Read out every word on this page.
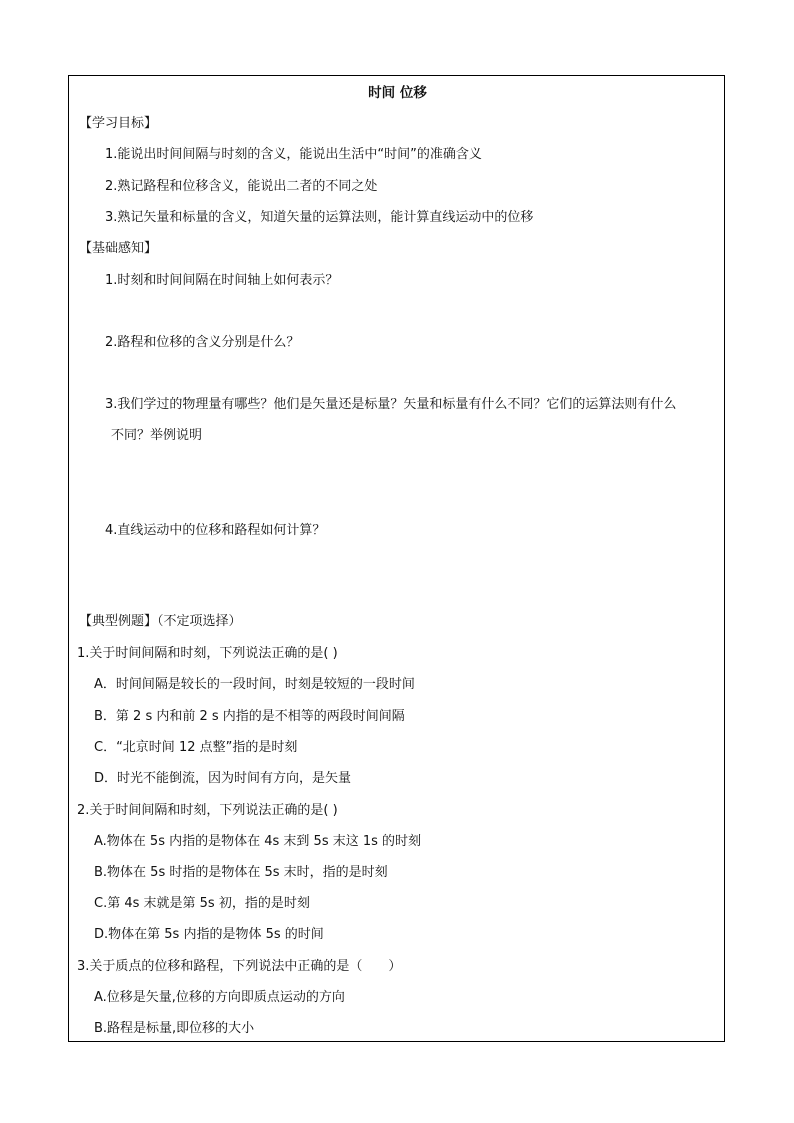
时间 位移
【学习目标】
1.能说出时间间隔与时刻的含义，能说出生活中“时间”的准确含义
2.熟记路程和位移含义，能说出二者的不同之处
3.熟记矢量和标量的含义，知道矢量的运算法则，能计算直线运动中的位移
【基础感知】
1.时刻和时间间隔在时间轴上如何表示？
2.路程和位移的含义分别是什么？
3.我们学过的物理量有哪些？他们是矢量还是标量？矢量和标量有什么不同？它们的运算法则有什么
不同？举例说明
4.直线运动中的位移和路程如何计算？
【典型例题】（不定项选择）
1.关于时间间隔和时刻，下列说法正确的是( )
A．时间间隔是较长的一段时间，时刻是较短的一段时间
B．第 2 s 内和前 2 s 内指的是不相等的两段时间间隔
C．“北京时间 12 点整”指的是时刻
D．时光不能倒流，因为时间有方向，是矢量
2.关于时间间隔和时刻，下列说法正确的是( )
A.物体在 5s 内指的是物体在 4s 末到 5s 末这 1s 的时刻
B.物体在 5s 时指的是物体在 5s 末时，指的是时刻
C.第 4s 末就是第 5s 初，指的是时刻
D.物体在第 5s 内指的是物体 5s 的时间
3.关于质点的位移和路程，下列说法中正确的是（　　）
A.位移是矢量,位移的方向即质点运动的方向
B.路程是标量,即位移的大小
